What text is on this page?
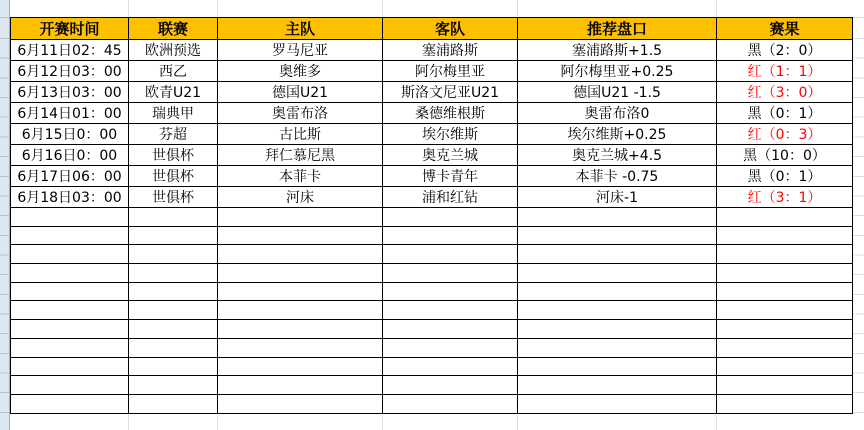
开赛时间	联赛	主队	客队	推荐盘口	赛果
6月11日02：45	欧洲预选	罗马尼亚	塞浦路斯	塞浦路斯+1.5	黑（2：0）
6月12日03：00	西乙	奥维多	阿尔梅里亚	阿尔梅里亚+0.25	红（1：1）
6月13日03：00	欧青U21	德国U21	斯洛文尼亚U21	德国U21 -1.5	红（3：0）
6月14日01：00	瑞典甲	奥雷布洛	桑德维根斯	奥雷布洛0	黑（0：1）
6月15日0：00	芬超	古比斯	埃尔维斯	埃尔维斯+0.25	红（0：3）
6月16日0：00	世俱杯	拜仁慕尼黑	奥克兰城	奥克兰城+4.5	黑（10：0）
6月17日06：00	世俱杯	本菲卡	博卡青年	本菲卡 -0.75	黑（0：1）
6月18日03：00	世俱杯	河床	浦和红钻	河床-1	红（3：1）
